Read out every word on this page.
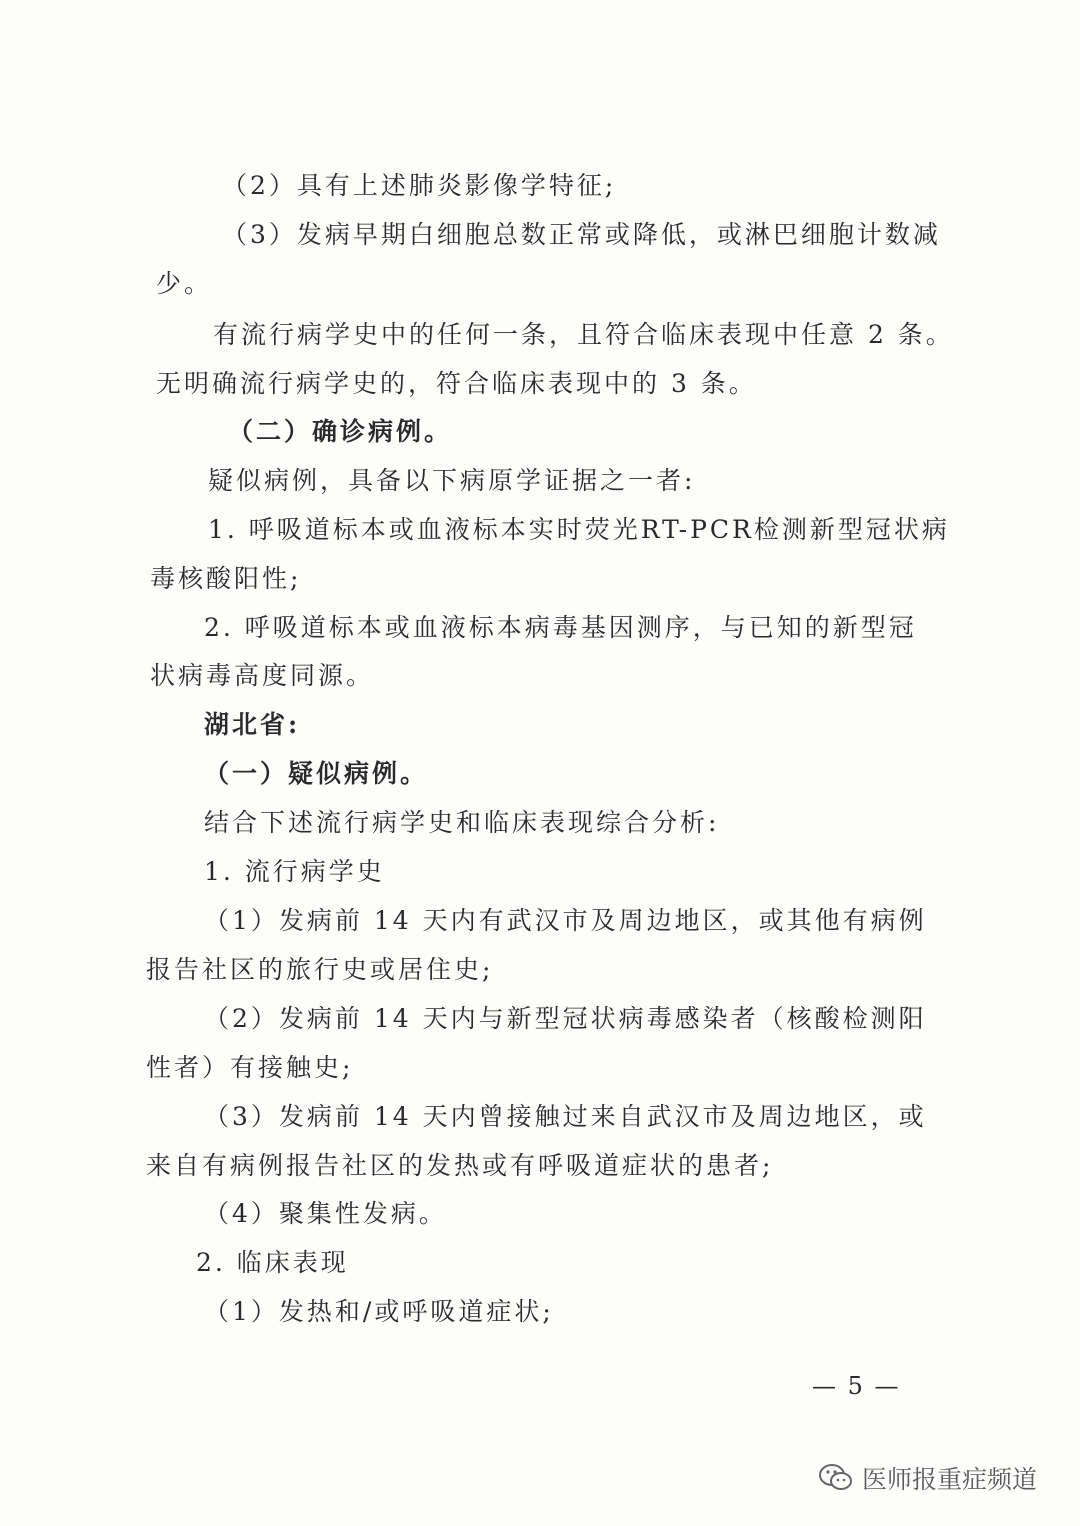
（2）具有上述肺炎影像学特征;
（3）发病早期白细胞总数正常或降低，或淋巴细胞计数减
少。
有流行病学史中的任何一条，且符合临床表现中任意 2 条。
无明确流行病学史的，符合临床表现中的 3 条。
（二）确诊病例。
疑似病例，具备以下病原学证据之一者:
1. 呼吸道标本或血液标本实时荧光RT-PCR检测新型冠状病
毒核酸阳性;
2. 呼吸道标本或血液标本病毒基因测序，与已知的新型冠
状病毒高度同源。
湖北省:
（一）疑似病例。
结合下述流行病学史和临床表现综合分析:
1. 流行病学史
（1）发病前 14 天内有武汉市及周边地区，或其他有病例
报告社区的旅行史或居住史;
（2）发病前 14 天内与新型冠状病毒感染者（核酸检测阳
性者）有接触史;
（3）发病前 14 天内曾接触过来自武汉市及周边地区，或
来自有病例报告社区的发热或有呼吸道症状的患者;
（4）聚集性发病。
2. 临床表现
（1）发热和/或呼吸道症状;
— 5 —
医师报重症频道
